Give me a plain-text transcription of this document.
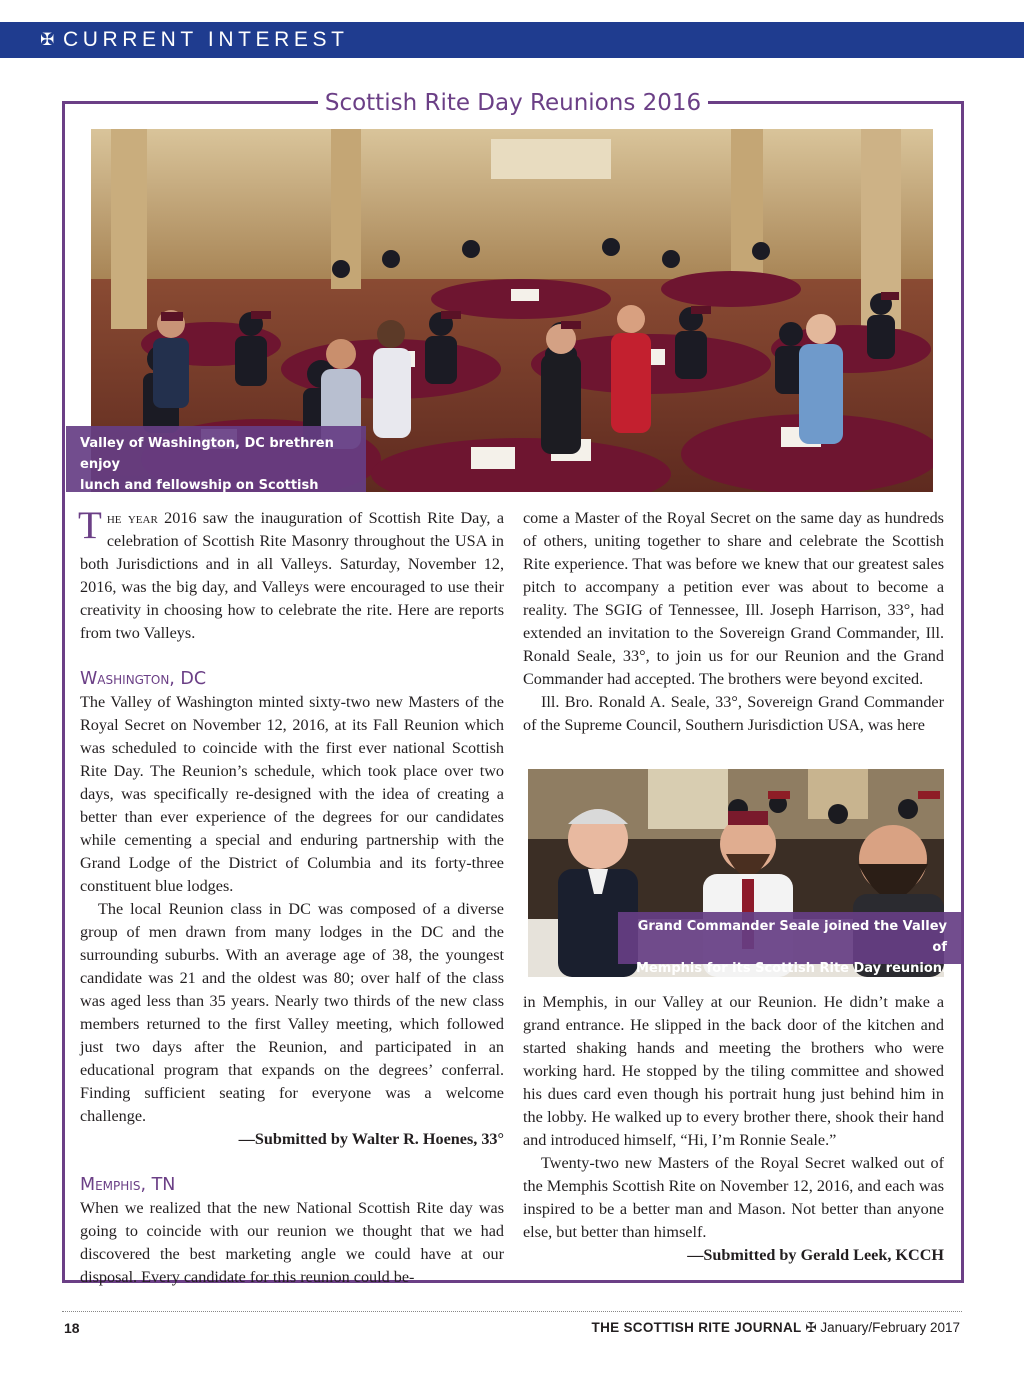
✠ CURRENT INTEREST
Scottish Rite Day Reunions 2016
Valley of Washington, DC brethren enjoy
lunch and fellowship on Scottish Rite Day.

The year 2016 saw the inauguration of Scottish Rite Day, a celebration of Scottish Rite Masonry throughout the USA in both Jurisdictions and in all Valleys. Saturday, November 12, 2016, was the big day, and Valleys were encouraged to use their creativity in choosing how to celebrate the rite. Here are reports from two Valleys.

Washington, DC

The Valley of Washington minted sixty-two new Masters of the Royal Secret on November 12, 2016, at its Fall Reunion which was scheduled to coincide with the first ever national Scottish Rite Day. The Reunion’s schedule, which took place over two days, was specifically re-designed with the idea of creating a better than ever experience of the degrees for our candidates while cementing a special and enduring partnership with the Grand Lodge of the District of Columbia and its forty-three constituent blue lodges.

The local Reunion class in DC was composed of a diverse group of men drawn from many lodges in the DC and the surrounding suburbs. With an average age of 38, the youngest candidate was 21 and the oldest was 80; over half of the class was aged less than 35 years. Nearly two thirds of the new class members returned to the first Valley meeting, which followed just two days after the Reunion, and participated in an educational program that expands on the degrees’ conferral. Finding sufficient seating for everyone was a welcome challenge.

—Submitted by Walter R. Hoenes, 33°

Memphis, TN

When we realized that the new National Scottish Rite day was going to coincide with our reunion we thought that we had discovered the best marketing angle we could have at our disposal. Every candidate for this reunion could be-

come a Master of the Royal Secret on the same day as hundreds of others, uniting together to share and celebrate the Scottish Rite experience. That was before we knew that our greatest sales pitch to accompany a petition ever was about to become a reality. The SGIG of Tennessee, Ill. Joseph Harrison, 33°, had extended an invitation to the Sovereign Grand Commander, Ill. Ronald Seale, 33°, to join us for our Reunion and the Grand Commander had accepted. The brothers were beyond excited.

Ill. Bro. Ronald A. Seale, 33°, Sovereign Grand Commander of the Supreme Council, Southern Jurisdiction USA, was here

Grand Commander Seale joined the Valley of
Memphis for its Scottish Rite Day reunion.

in Memphis, in our Valley at our Reunion. He didn’t make a grand entrance. He slipped in the back door of the kitchen and started shaking hands and meeting the brothers who were working hard. He stopped by the tiling committee and showed his dues card even though his portrait hung just behind him in the lobby. He walked up to every brother there, shook their hand and introduced himself, “Hi, I’m Ronnie Seale.”

Twenty-two new Masters of the Royal Secret walked out of the Memphis Scottish Rite on November 12, 2016, and each was inspired to be a better man and Mason. Not better than anyone else, but better than himself.

—Submitted by Gerald Leek, KCCH

18	THE SCOTTISH RITE JOURNAL ✠ January/February 2017
